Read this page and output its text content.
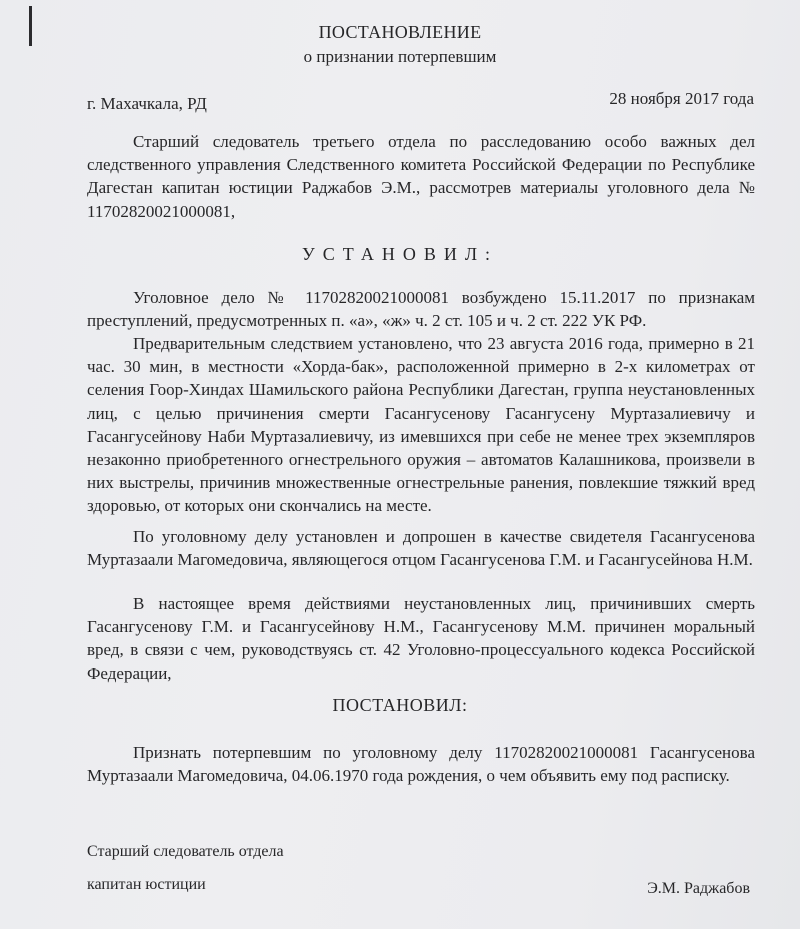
ПОСТАНОВЛЕНИЕ
о признании потерпевшим
г. Махачкала, РД	28 ноября 2017 года
Старший следователь третьего отдела по расследованию особо важных дел следственного управления Следственного комитета Российской Федерации по Республике Дагестан капитан юстиции Раджабов Э.М., рассмотрев материалы уголовного дела № 11702820021000081,
УСТАНОВИЛ:
Уголовное дело № 11702820021000081 возбуждено 15.11.2017 по признакам преступлений, предусмотренных п. «а», «ж» ч. 2 ст. 105 и ч. 2 ст. 222 УК РФ.
Предварительным следствием установлено, что 23 августа 2016 года, примерно в 21 час. 30 мин, в местности «Хорда-бак», расположенной примерно в 2-х километрах от селения Гоор-Хиндах Шамильского района Республики Дагестан, группа неустановленных лиц, с целью причинения смерти Гасангусенову Гасангусену Муртазалиевичу и Гасангусейнову Наби Муртазалиевичу, из имевшихся при себе не менее трех экземпляров незаконно приобретенного огнестрельного оружия – автоматов Калашникова, произвели в них выстрелы, причинив множественные огнестрельные ранения, повлекшие тяжкий вред здоровью, от которых они скончались на месте.
По уголовному делу установлен и допрошен в качестве свидетеля Гасангусенова Муртазаали Магомедовича, являющегося отцом Гасангусенова Г.М. и Гасангусейнова Н.М.
В настоящее время действиями неустановленных лиц, причинивших смерть Гасангусенову Г.М. и Гасангусейнову Н.М., Гасангусенову М.М. причинен моральный вред, в связи с чем, руководствуясь ст. 42 Уголовно-процессуального кодекса Российской Федерации,
ПОСТАНОВИЛ:
Признать потерпевшим по уголовному делу 11702820021000081 Гасангусенова Муртазаали Магомедовича, 04.06.1970 года рождения, о чем объявить ему под расписку.
Старший следователь отдела
капитан юстиции	Э.М. Раджабов
